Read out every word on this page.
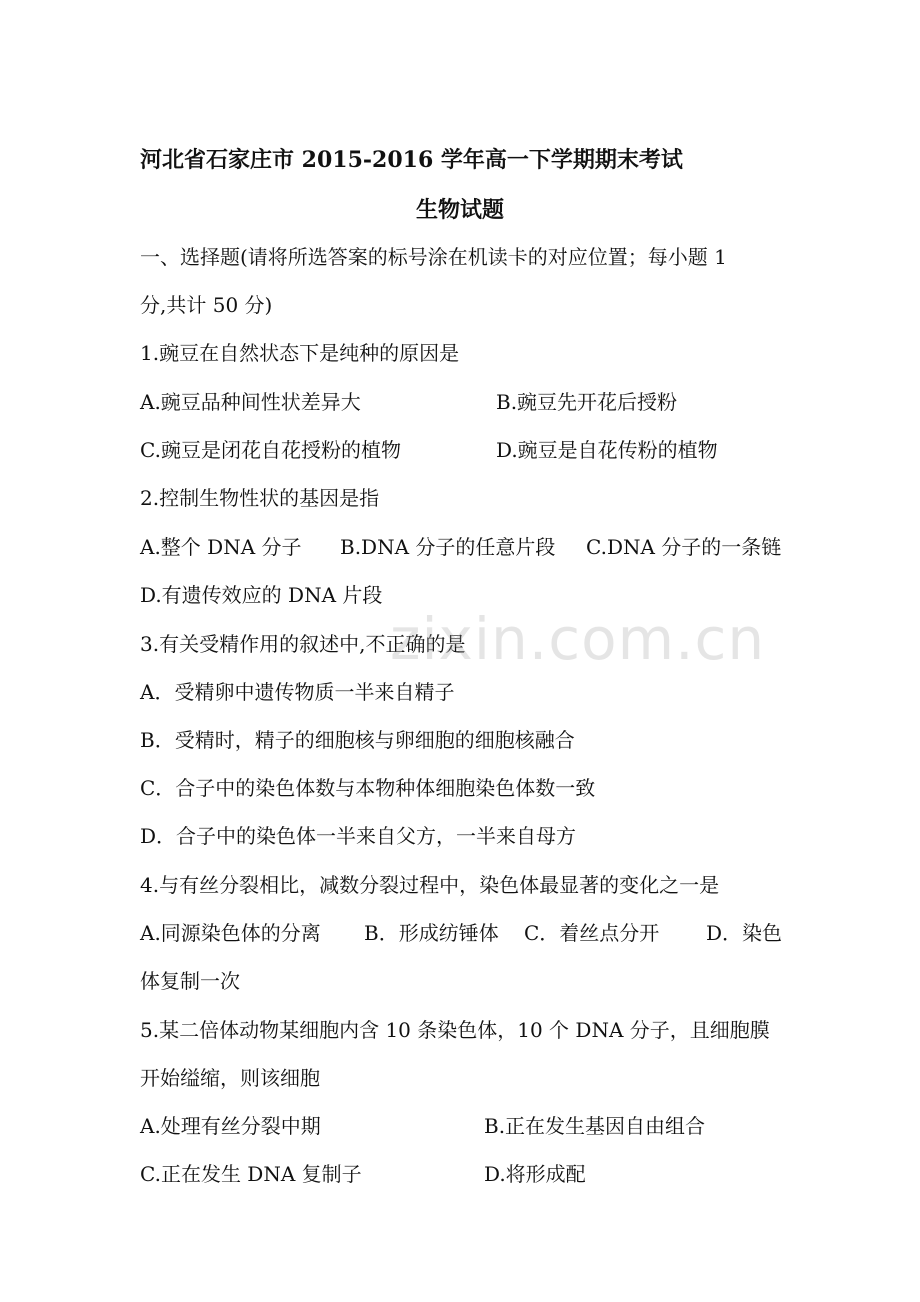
河北省石家庄市 2015-2016 学年高一下学期期末考试
生物试题
一、选择题(请将所选答案的标号涂在机读卡的对应位置；每小题 1
分,共计 50 分)
1.豌豆在自然状态下是纯种的原因是
A.豌豆品种间性状差异大	B.豌豆先开花后授粉
C.豌豆是闭花自花授粉的植物	D.豌豆是自花传粉的植物
2.控制生物性状的基因是指
A.整个 DNA 分子 B.DNA 分子的任意片段 C.DNA 分子的一条链
D.有遗传效应的 DNA 片段
3.有关受精作用的叙述中,不正确的是
A．受精卵中遗传物质一半来自精子
B．受精时，精子的细胞核与卵细胞的细胞核融合
C．合子中的染色体数与本物种体细胞染色体数一致
D．合子中的染色体一半来自父方，一半来自母方
4.与有丝分裂相比，减数分裂过程中，染色体最显著的变化之一是
A.同源染色体的分离 B．形成纺锤体 C．着丝点分开 D．染色
体复制一次
5.某二倍体动物某细胞内含 10 条染色体，10 个 DNA 分子，且细胞膜
开始缢缩，则该细胞
A.处理有丝分裂中期	B.正在发生基因自由组合
C.正在发生 DNA 复制子	D.将形成配
zixin.com.cn
